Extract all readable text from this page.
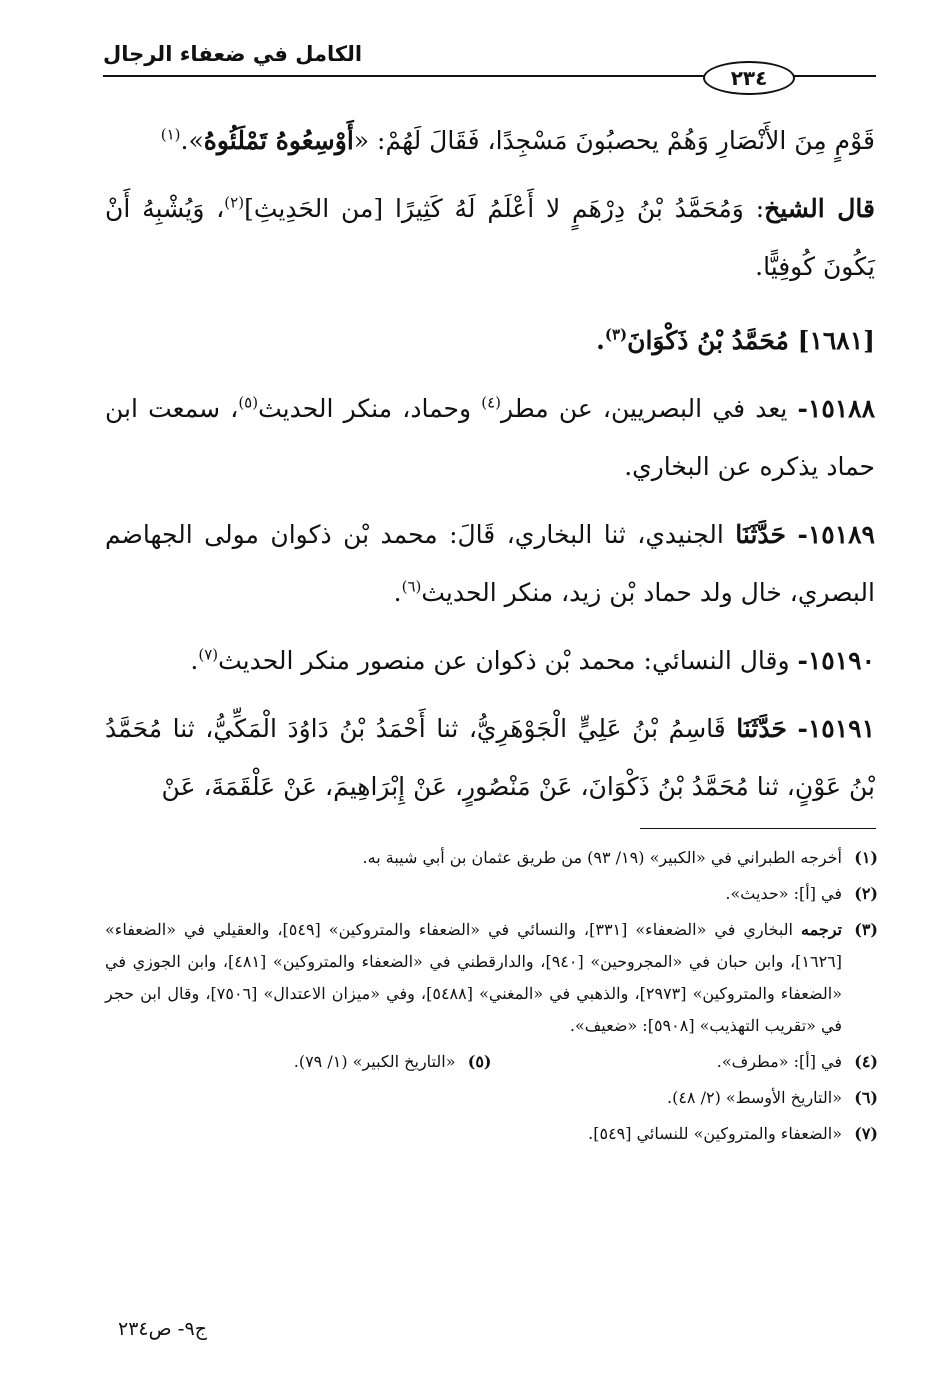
الكامل في ضعفاء الرجال
٢٣٤

قَوْمٍ مِنَ الأَنْصَارِ وَهُمْ يحصبُونَ مَسْجِدًا، فَقَالَ لَهُمْ: «أَوْسِعُوهُ تَمْلَئُوهُ».$^{(١)}$

قال الشيخ: وَمُحَمَّدُ بْنُ دِرْهَمٍ لا أَعْلَمُ لَهُ كَثِيرًا [من الحَدِيثِ]$^{(٢)}$، وَيُشْبِهُ أَنْ يَكُونَ كُوفِيًّا.

[١٦٨١] مُحَمَّدُ بْنُ ذَكْوَانَ$^{(٣)}$.

١٥١٨٨- يعد في البصريين، عن مطر$^{(٤)}$ وحماد، منكر الحديث$^{(٥)}$، سمعت ابن حماد يذكره عن البخاري.

١٥١٨٩- حَدَّثَنَا الجنيدي، ثنا البخاري، قَالَ: محمد بْن ذكوان مولى الجهاضم البصري، خال ولد حماد بْن زيد، منكر الحديث$^{(٦)}$.

١٥١٩٠- وقال النسائي: محمد بْن ذكوان عن منصور منكر الحديث$^{(٧)}$.

١٥١٩١- حَدَّثَنَا قَاسِمُ بْنُ عَلِيٍّ الْجَوْهَرِيُّ، ثنا أَحْمَدُ بْنُ دَاوُدَ الْمَكِّيُّ، ثنا مُحَمَّدُ بْنُ عَوْنٍ، ثنا مُحَمَّدُ بْنُ ذَكْوَانَ، عَنْ مَنْصُورٍ، عَنْ إِبْرَاهِيمَ، عَنْ عَلْقَمَةَ، عَنْ

(١)
أخرجه الطبراني في «الكبير» (١٩/ ٩٣) من طريق عثمان بن أبي شيبة به.
(٢)
في [أ]: «حديث».
(٣)
ترجمه البخاري في «الضعفاء» [٣٣١]، والنسائي في «الضعفاء والمتروكين» [٥٤٩]، والعقيلي في «الضعفاء» [١٦٢٦]، وابن حبان في «المجروحين» [٩٤٠]، والدارقطني في «الضعفاء والمتروكين» [٤٨١]، وابن الجوزي في «الضعفاء والمتروكين» [٢٩٧٣]، والذهبي في «المغني» [٥٤٨٨]، وفي «ميزان الاعتدال» [٧٥٠٦]، وقال ابن حجر في «تقريب التهذيب» [٥٩٠٨]: «ضعيف».
(٤)
في [أ]: «مطرف».
(٥)
«التاريخ الكبير» (١/ ٧٩).
(٦)
«التاريخ الأوسط» (٢/ ٤٨).
(٧)
«الضعفاء والمتروكين» للنسائي [٥٤٩].
ج٩- ص٢٣٤
